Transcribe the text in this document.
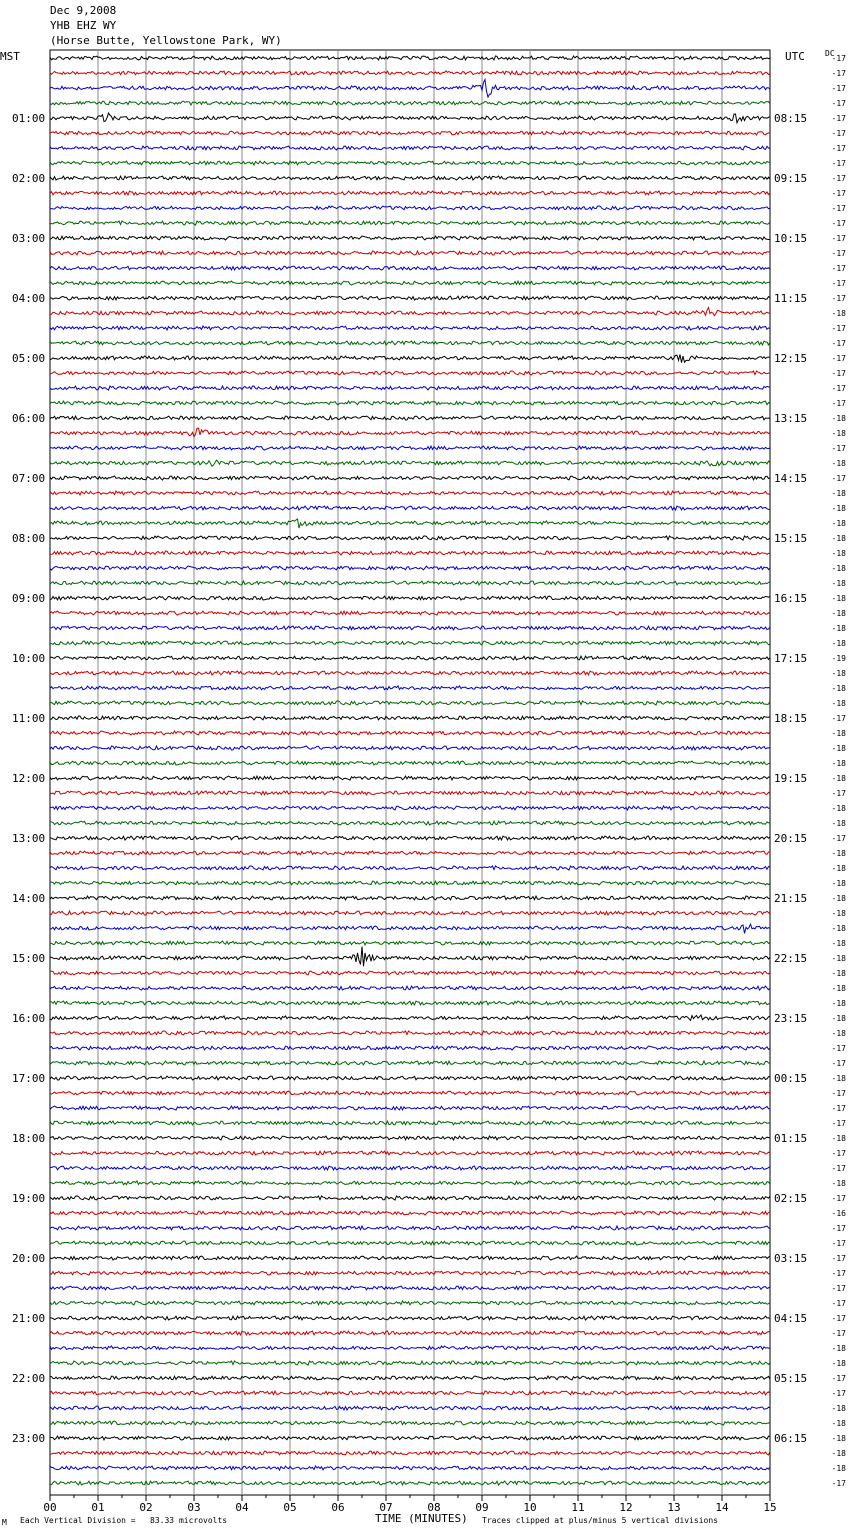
Dec 9,2008
YHB EHZ WY
(Horse Butte, Yellowstone Park, WY)
MST	UTC	DC
00	01	02	03	04	05	06	07	08	09	10	11	12	13	14	15
-17
-17
-17
-17
-17
-17
-17
-17
-17
-17
-17
-17
-17
-17
-17
-17
-17
-18
-17
-17
-17
-17
-17
-17
-18
-18
-17
-18
-17
-18
-18
-18
-18
-18
-18
-18
-18
-18
-18
-18
-19
-18
-18
-18
-17
-18
-18
-18
-18
-17
-18
-18
-17
-18
-18
-18
-18
-18
-18
-18
-18
-18
-18
-18
-18
-18
-17
-17
-18
-17
-17
-17
-18
-17
-17
-18
-17
-16
-17
-17
-17
-17
-17
-17
-17
-17
-18
-18
-17
-17
-18
-18
-18
-18
-18
-17
01:00
02:00
03:00
04:00
05:00
06:00
07:00
08:00
09:00
10:00
11:00
12:00
13:00
14:00
15:00
16:00
17:00
18:00
19:00
20:00
21:00
22:00
23:00
08:15
09:15
10:15
11:15
12:15
13:15
14:15
15:15
16:15
17:15
18:15
19:15
20:15
21:15
22:15
23:15
00:15
01:15
02:15
03:15
04:15
05:15
06:15
TIME (MINUTES)
M Each Vertical Division =   83.33 microvolts	Traces clipped at plus/minus 5 vertical divisions
